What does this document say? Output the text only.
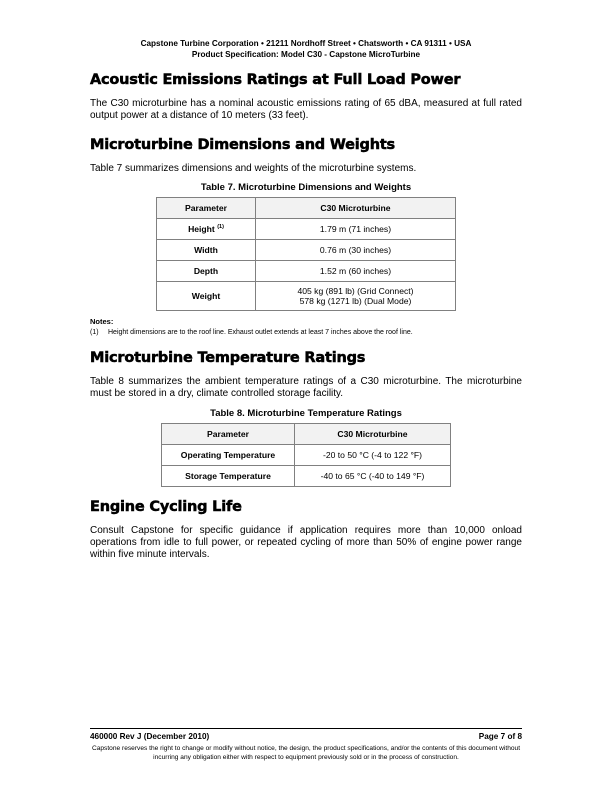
Capstone Turbine Corporation • 21211 Nordhoff Street • Chatsworth • CA 91311 • USA
Product Specification: Model C30 - Capstone MicroTurbine
Acoustic Emissions Ratings at Full Load Power

The C30 microturbine has a nominal acoustic emissions rating of 65 dBA, measured at full rated output power at a distance of 10 meters (33 feet).

Microturbine Dimensions and Weights

Table 7 summarizes dimensions and weights of the microturbine systems.

Table 7. Microturbine Dimensions and Weights
Parameter	C30 Microturbine
Height $^{(1)}$	1.79 m (71 inches)
Width	0.76 m (30 inches)
Depth	1.52 m (60 inches)
Weight	405 kg (891 lb) (Grid Connect)
578 kg (1271 lb) (Dual Mode)
Notes:
(1) Height dimensions are to the roof line. Exhaust outlet extends at least 7 inches above the roof line.
Microturbine Temperature Ratings

Table 8 summarizes the ambient temperature ratings of a C30 microturbine. The microturbine must be stored in a dry, climate controlled storage facility.

Table 8. Microturbine Temperature Ratings
Parameter	C30 Microturbine
Operating Temperature	-20 to 50 °C (-4 to 122 °F)
Storage Temperature	-40 to 65 °C (-40 to 149 °F)
Engine Cycling Life

Consult Capstone for specific guidance if application requires more than 10,000 onload operations from idle to full power, or repeated cycling of more than 50% of engine power range within five minute intervals.

460000 Rev J (December 2010)	Page 7 of 8
Capstone reserves the right to change or modify without notice, the design, the product specifications, and/or the contents of this document without incurring any obligation either with respect to equipment previously sold or in the process of construction.
